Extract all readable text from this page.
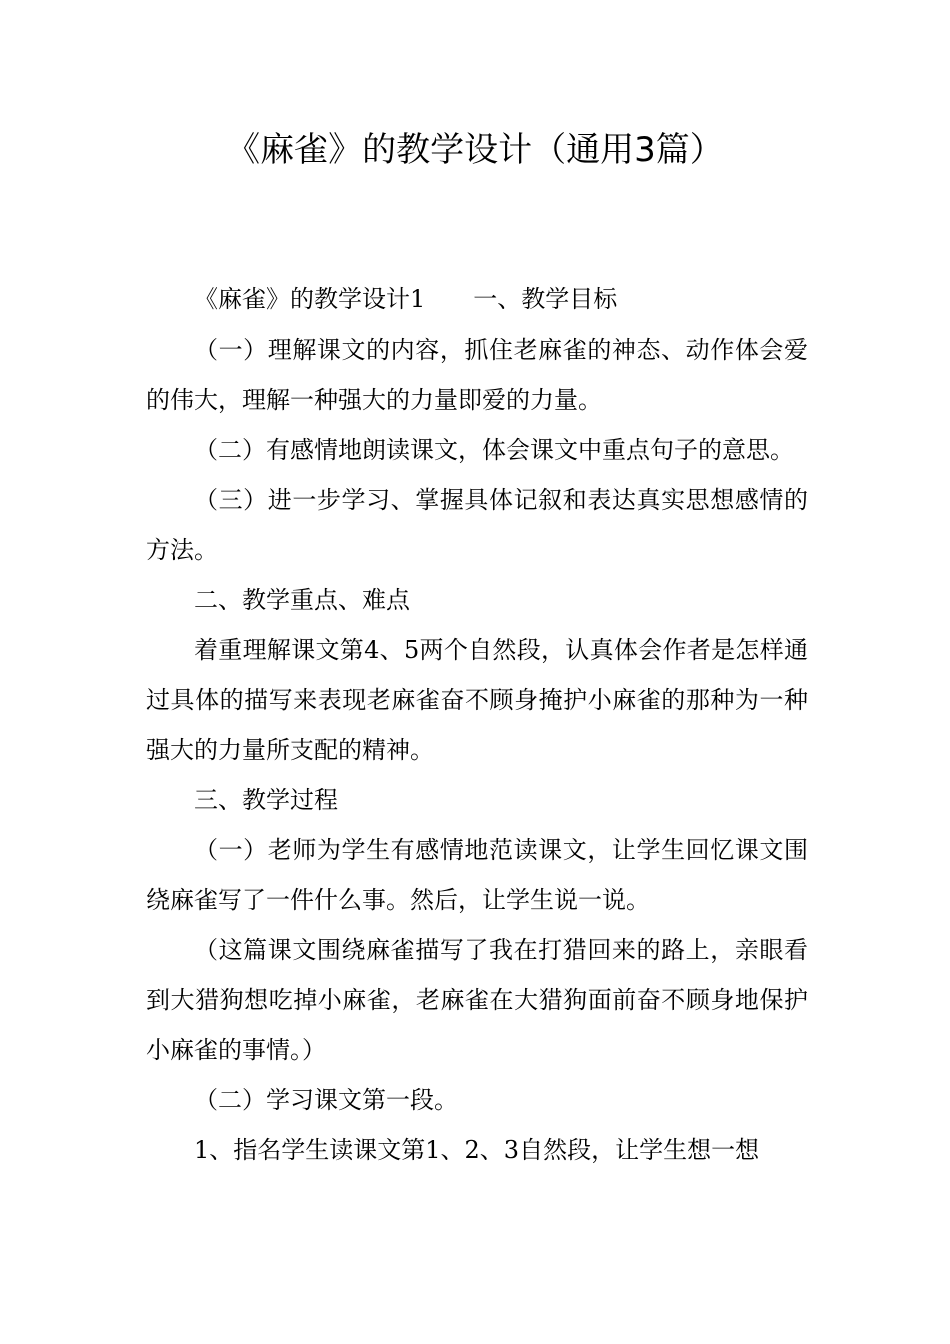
《麻雀》的教学设计（通用3篇）

《麻雀》的教学设计1 一、教学目标

（一）理解课文的内容，抓住老麻雀的神态、动作体会爱的伟大，理解一种强大的力量即爱的力量。

（二）有感情地朗读课文，体会课文中重点句子的意思。

（三）进一步学习、掌握具体记叙和表达真实思想感情的方法。

二、教学重点、难点

着重理解课文第4、5两个自然段，认真体会作者是怎样通过具体的描写来表现老麻雀奋不顾身掩护小麻雀的那种为一种强大的力量所支配的精神。

三、教学过程

（一）老师为学生有感情地范读课文，让学生回忆课文围绕麻雀写了一件什么事。然后，让学生说一说。

（这篇课文围绕麻雀描写了我在打猎回来的路上，亲眼看到大猎狗想吃掉小麻雀，老麻雀在大猎狗面前奋不顾身地保护小麻雀的事情。）

（二）学习课文第一段。

1、指名学生读课文第1、2、3自然段，让学生想一想
